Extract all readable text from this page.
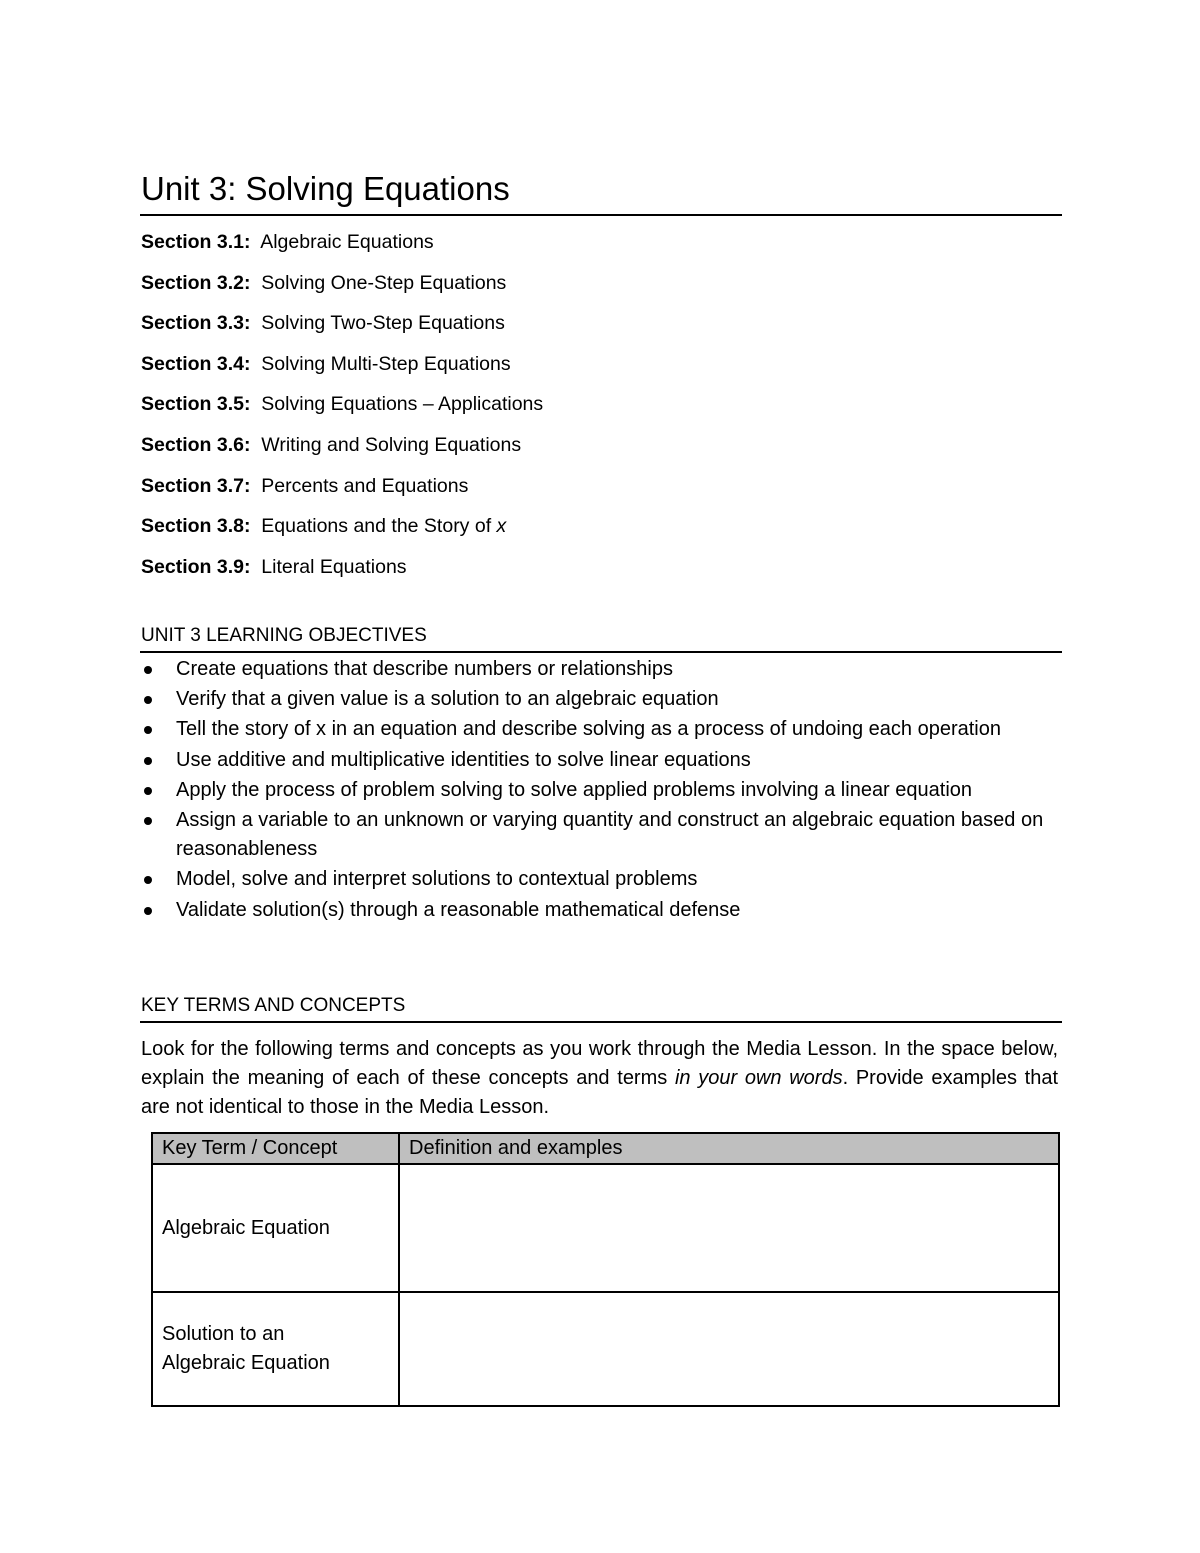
Unit 3: Solving Equations
Section 3.1: Algebraic Equations
Section 3.2: Solving One-Step Equations
Section 3.3: Solving Two-Step Equations
Section 3.4: Solving Multi-Step Equations
Section 3.5: Solving Equations – Applications
Section 3.6: Writing and Solving Equations
Section 3.7: Percents and Equations
Section 3.8: Equations and the Story of x
Section 3.9: Literal Equations
UNIT 3 LEARNING OBJECTIVES
Create equations that describe numbers or relationships
Verify that a given value is a solution to an algebraic equation
Tell the story of x in an equation and describe solving as a process of undoing each operation
Use additive and multiplicative identities to solve linear equations
Apply the process of problem solving to solve applied problems involving a linear equation
Assign a variable to an unknown or varying quantity and construct an algebraic equation based on reasonableness
Model, solve and interpret solutions to contextual problems
Validate solution(s) through a reasonable mathematical defense
KEY TERMS AND CONCEPTS

Look for the following terms and concepts as you work through the Media Lesson. In the space below, explain the meaning of each of these concepts and terms in your own words. Provide examples that are not identical to those in the Media Lesson.

Key Term / Concept	Definition and examples
Algebraic Equation	
Solution to an Algebraic Equation	
